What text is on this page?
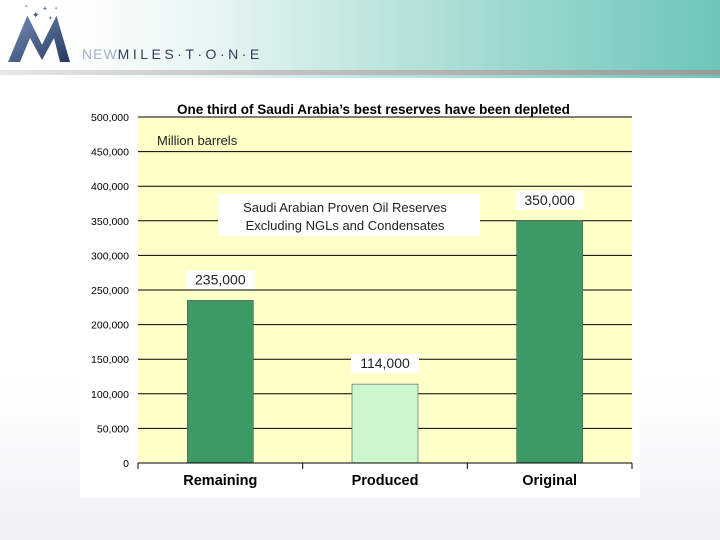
✦
✦
✦
✦	✦
NEWMILES·T·O·N·E
0
50,000
100,000
150,000
200,000
250,000
300,000
350,000
400,000
450,000
500,000
235,000
114,000
350,000
Remaining	Produced	Original
Saudi Arabian Proven Oil Reserves
Excluding NGLs and Condensates
Million barrels
One third of Saudi Arabia’s best reserves have been depleted
